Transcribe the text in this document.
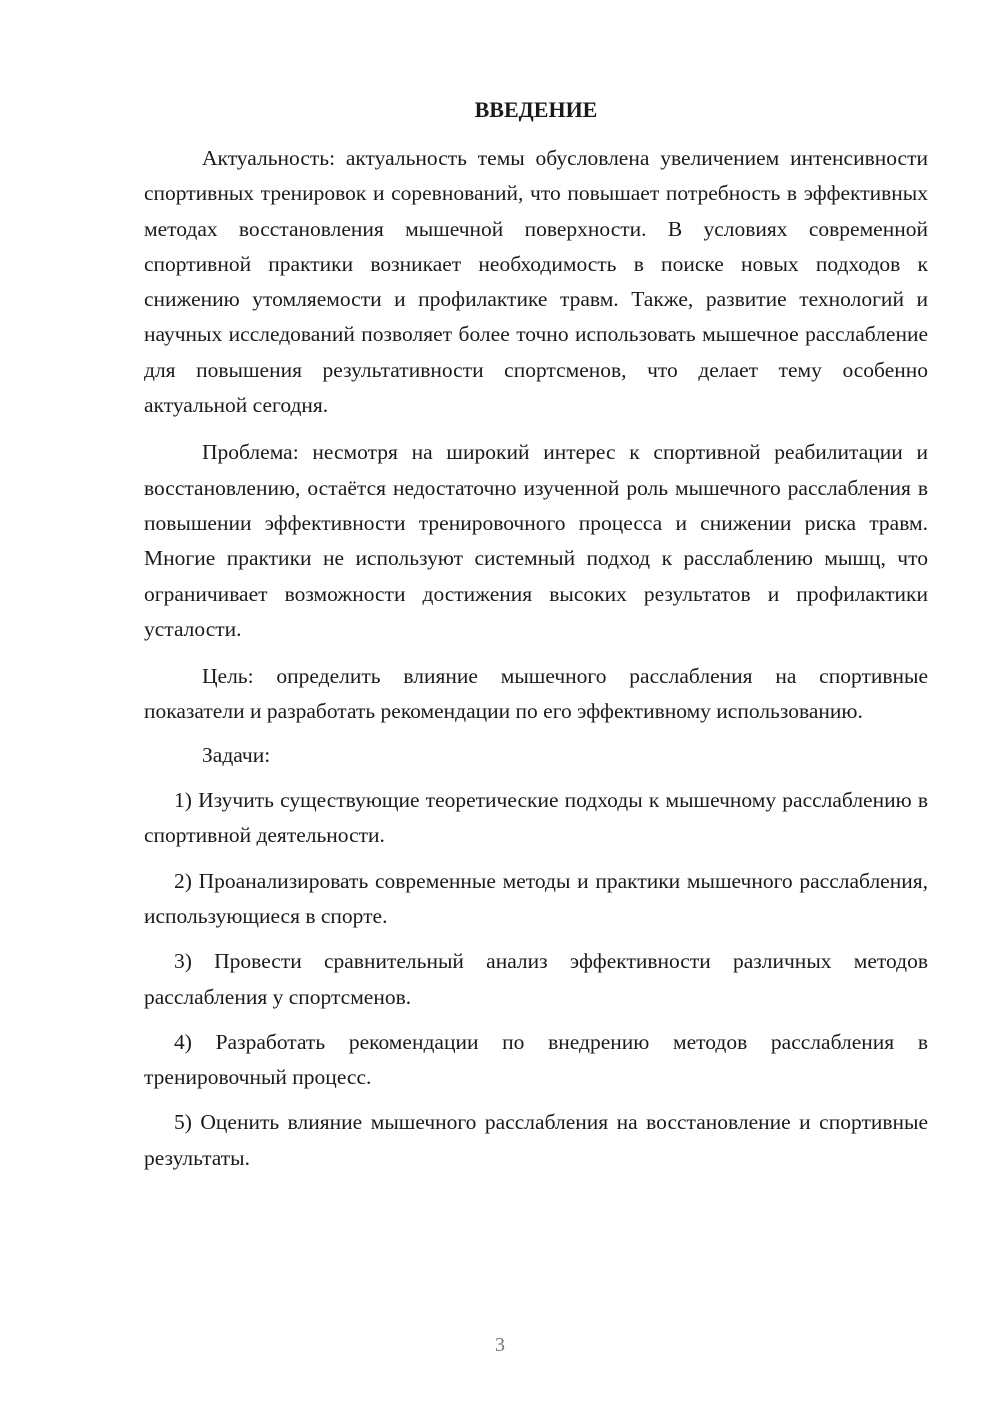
ВВЕДЕНИЕ

Актуальность: актуальность темы обусловлена увеличением интенсивности спортивных тренировок и соревнований, что повышает потребность в эффективных методах восстановления мышечной поверхности. В условиях современной спортивной практики возникает необходимость в поиске новых подходов к снижению утомляемости и профилактике травм. Также, развитие технологий и научных исследований позволяет более точно использовать мышечное расслабление для повышения результативности спортсменов, что делает тему особенно актуальной сегодня.

Проблема: несмотря на широкий интерес к спортивной реабилитации и восстановлению, остаётся недостаточно изученной роль мышечного расслабления в повышении эффективности тренировочного процесса и снижении риска травм. Многие практики не используют системный подход к расслаблению мышц, что ограничивает возможности достижения высоких результатов и профилактики усталости.

Цель: определить влияние мышечного расслабления на спортивные показатели и разработать рекомендации по его эффективному использованию.

Задачи:

1) Изучить существующие теоретические подходы к мышечному расслаблению в спортивной деятельности.

2) Проанализировать современные методы и практики мышечного расслабления, использующиеся в спорте.

3) Провести сравнительный анализ эффективности различных методов расслабления у спортсменов.

4) Разработать рекомендации по внедрению методов расслабления в тренировочный процесс.

5) Оценить влияние мышечного расслабления на восстановление и спортивные результаты.

3
